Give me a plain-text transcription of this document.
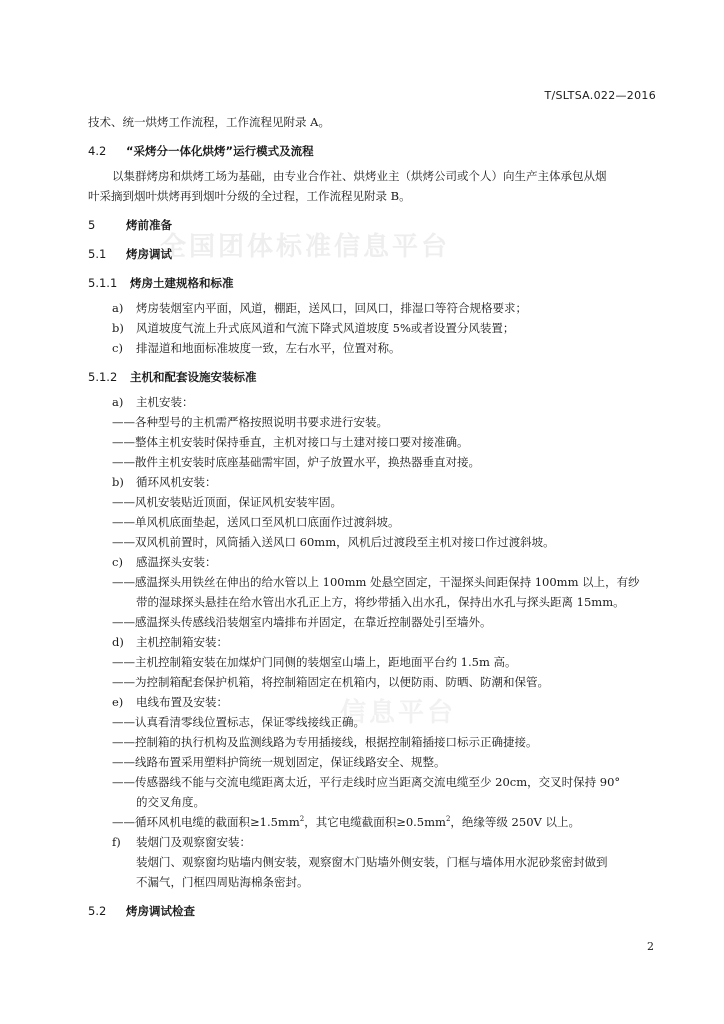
全国团体标准信息平台
信息平台
T/SLTSA.022—2016
技术、统一烘烤工作流程，工作流程见附录 A。
4.2 “采烤分一体化烘烤”运行模式及流程
以集群烤房和烘烤工场为基础，由专业合作社、烘烤业主（烘烤公司或个人）向生产主体承包从烟
叶采摘到烟叶烘烤再到烟叶分级的全过程，工作流程见附录 B。
5	烤前准备
5.1 烤房调试
5.1.1 烤房土建规格和标准
a) 烤房装烟室内平面，风道，棚距，送风口，回风口，排湿口等符合规格要求；
b) 风道坡度气流上升式底风道和气流下降式风道坡度 5%或者设置分风装置；
c) 排湿道和地面标准坡度一致，左右水平，位置对称。
5.1.2 主机和配套设施安装标准
a) 主机安装：
——各种型号的主机需严格按照说明书要求进行安装。
——整体主机安装时保持垂直，主机对接口与土建对接口要对接准确。
——散件主机安装时底座基础需牢固，炉子放置水平，换热器垂直对接。
b) 循环风机安装：
——风机安装贴近顶面，保证风机安装牢固。
——单风机底面垫起，送风口至风机口底面作过渡斜坡。
——双风机前置时，风筒插入送风口 60mm，风机后过渡段至主机对接口作过渡斜坡。
c) 感温探头安装：
——感温探头用铁丝在伸出的给水管以上 100mm 处悬空固定，干湿探头间距保持 100mm 以上，有纱
带的湿球探头悬挂在给水管出水孔正上方，将纱带插入出水孔，保持出水孔与探头距离 15mm。
——感温探头传感线沿装烟室内墙排布并固定，在靠近控制器处引至墙外。
d) 主机控制箱安装：
——主机控制箱安装在加煤炉门同侧的装烟室山墙上，距地面平台约 1.5m 高。
——为控制箱配套保护机箱，将控制箱固定在机箱内，以便防雨、防晒、防潮和保管。
e) 电线布置及安装：
——认真看清零线位置标志，保证零线接线正确。
——控制箱的执行机构及监测线路为专用插接线，根据控制箱插接口标示正确捷接。
——线路布置采用塑料护筒统一规划固定，保证线路安全、规整。
——传感器线不能与交流电缆距离太近，平行走线时应当距离交流电缆至少 20cm，交叉时保持 90°
的交叉角度。
——循环风机电缆的截面积$\ge 1.5mm^2$，其它电缆截面积$\ge 0.5mm^2$，绝缘等级 250V 以上。
f) 装烟门及观察窗安装：
装烟门、观察窗均贴墙内侧安装，观察窗木门贴墙外侧安装，门框与墙体用水泥砂浆密封做到
不漏气，门框四周贴海棉条密封。
5.2 烤房调试检查
2
